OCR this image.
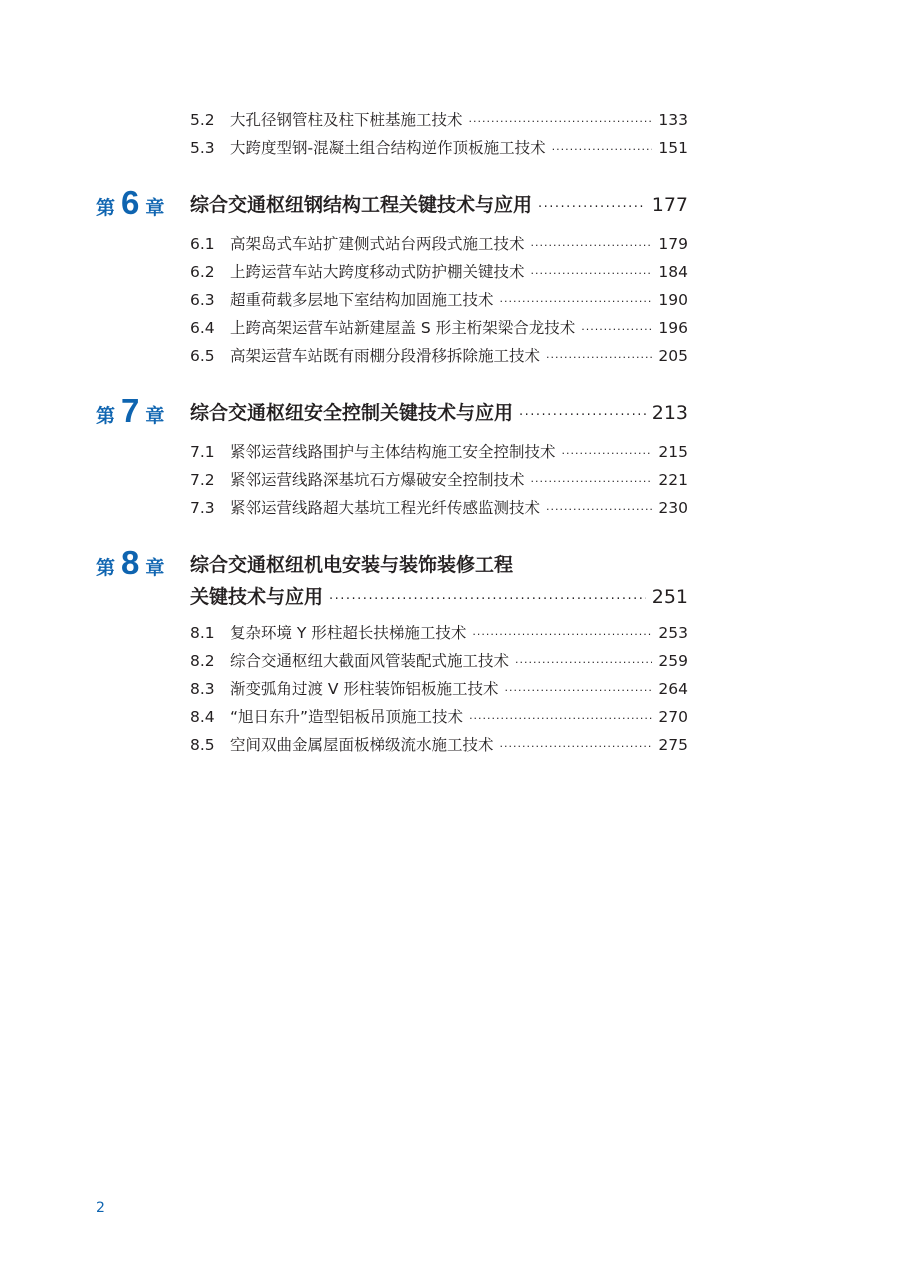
5.2 大孔径钢管柱及柱下桩基施工技术 ·····	133
5.3 大跨度型钢-混凝土组合结构逆作顶板施工技术 ·····	151
第 6 章 综合交通枢纽钢结构工程关键技术与应用 ·····	177
6.1 高架岛式车站扩建侧式站台两段式施工技术 ·····	179
6.2 上跨运营车站大跨度移动式防护棚关键技术 ·····	184
6.3 超重荷载多层地下室结构加固施工技术 ·····	190
6.4 上跨高架运营车站新建屋盖 S 形主桁架梁合龙技术 ·····	196
6.5 高架运营车站既有雨棚分段滑移拆除施工技术 ·····	205
第 7 章 综合交通枢纽安全控制关键技术与应用 ·····	213
7.1 紧邻运营线路围护与主体结构施工安全控制技术 ·····	215
7.2 紧邻运营线路深基坑石方爆破安全控制技术 ·····	221
7.3 紧邻运营线路超大基坑工程光纤传感监测技术 ·····	230
第 8 章 综合交通枢纽机电安装与装饰装修工程
关键技术与应用 ·····	251
8.1 复杂环境 Y 形柱超长扶梯施工技术 ·····	253
8.2 综合交通枢纽大截面风管装配式施工技术 ·····	259
8.3 渐变弧角过渡 V 形柱装饰铝板施工技术 ·····	264
8.4 “旭日东升”造型铝板吊顶施工技术 ·····	270
8.5 空间双曲金属屋面板梯级流水施工技术 ·····	275
2
